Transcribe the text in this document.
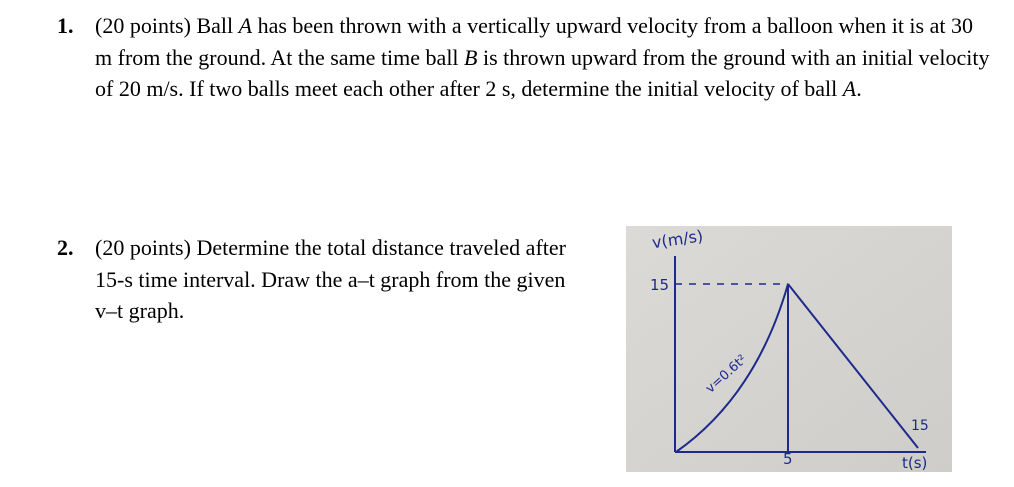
1. (20 points) Ball A has been thrown with a vertically upward velocity from a balloon when it is at 30 m from the ground. At the same time ball B is thrown upward from the ground with an initial velocity of 20 m/s. If two balls meet each other after 2 s, determine the initial velocity of ball A.
2. (20 points) Determine the total distance traveled after
15-s time interval. Draw the a–t graph from the given
v–t graph.
v(m/s)
15
v=0.6t²
5
15
t(s)
